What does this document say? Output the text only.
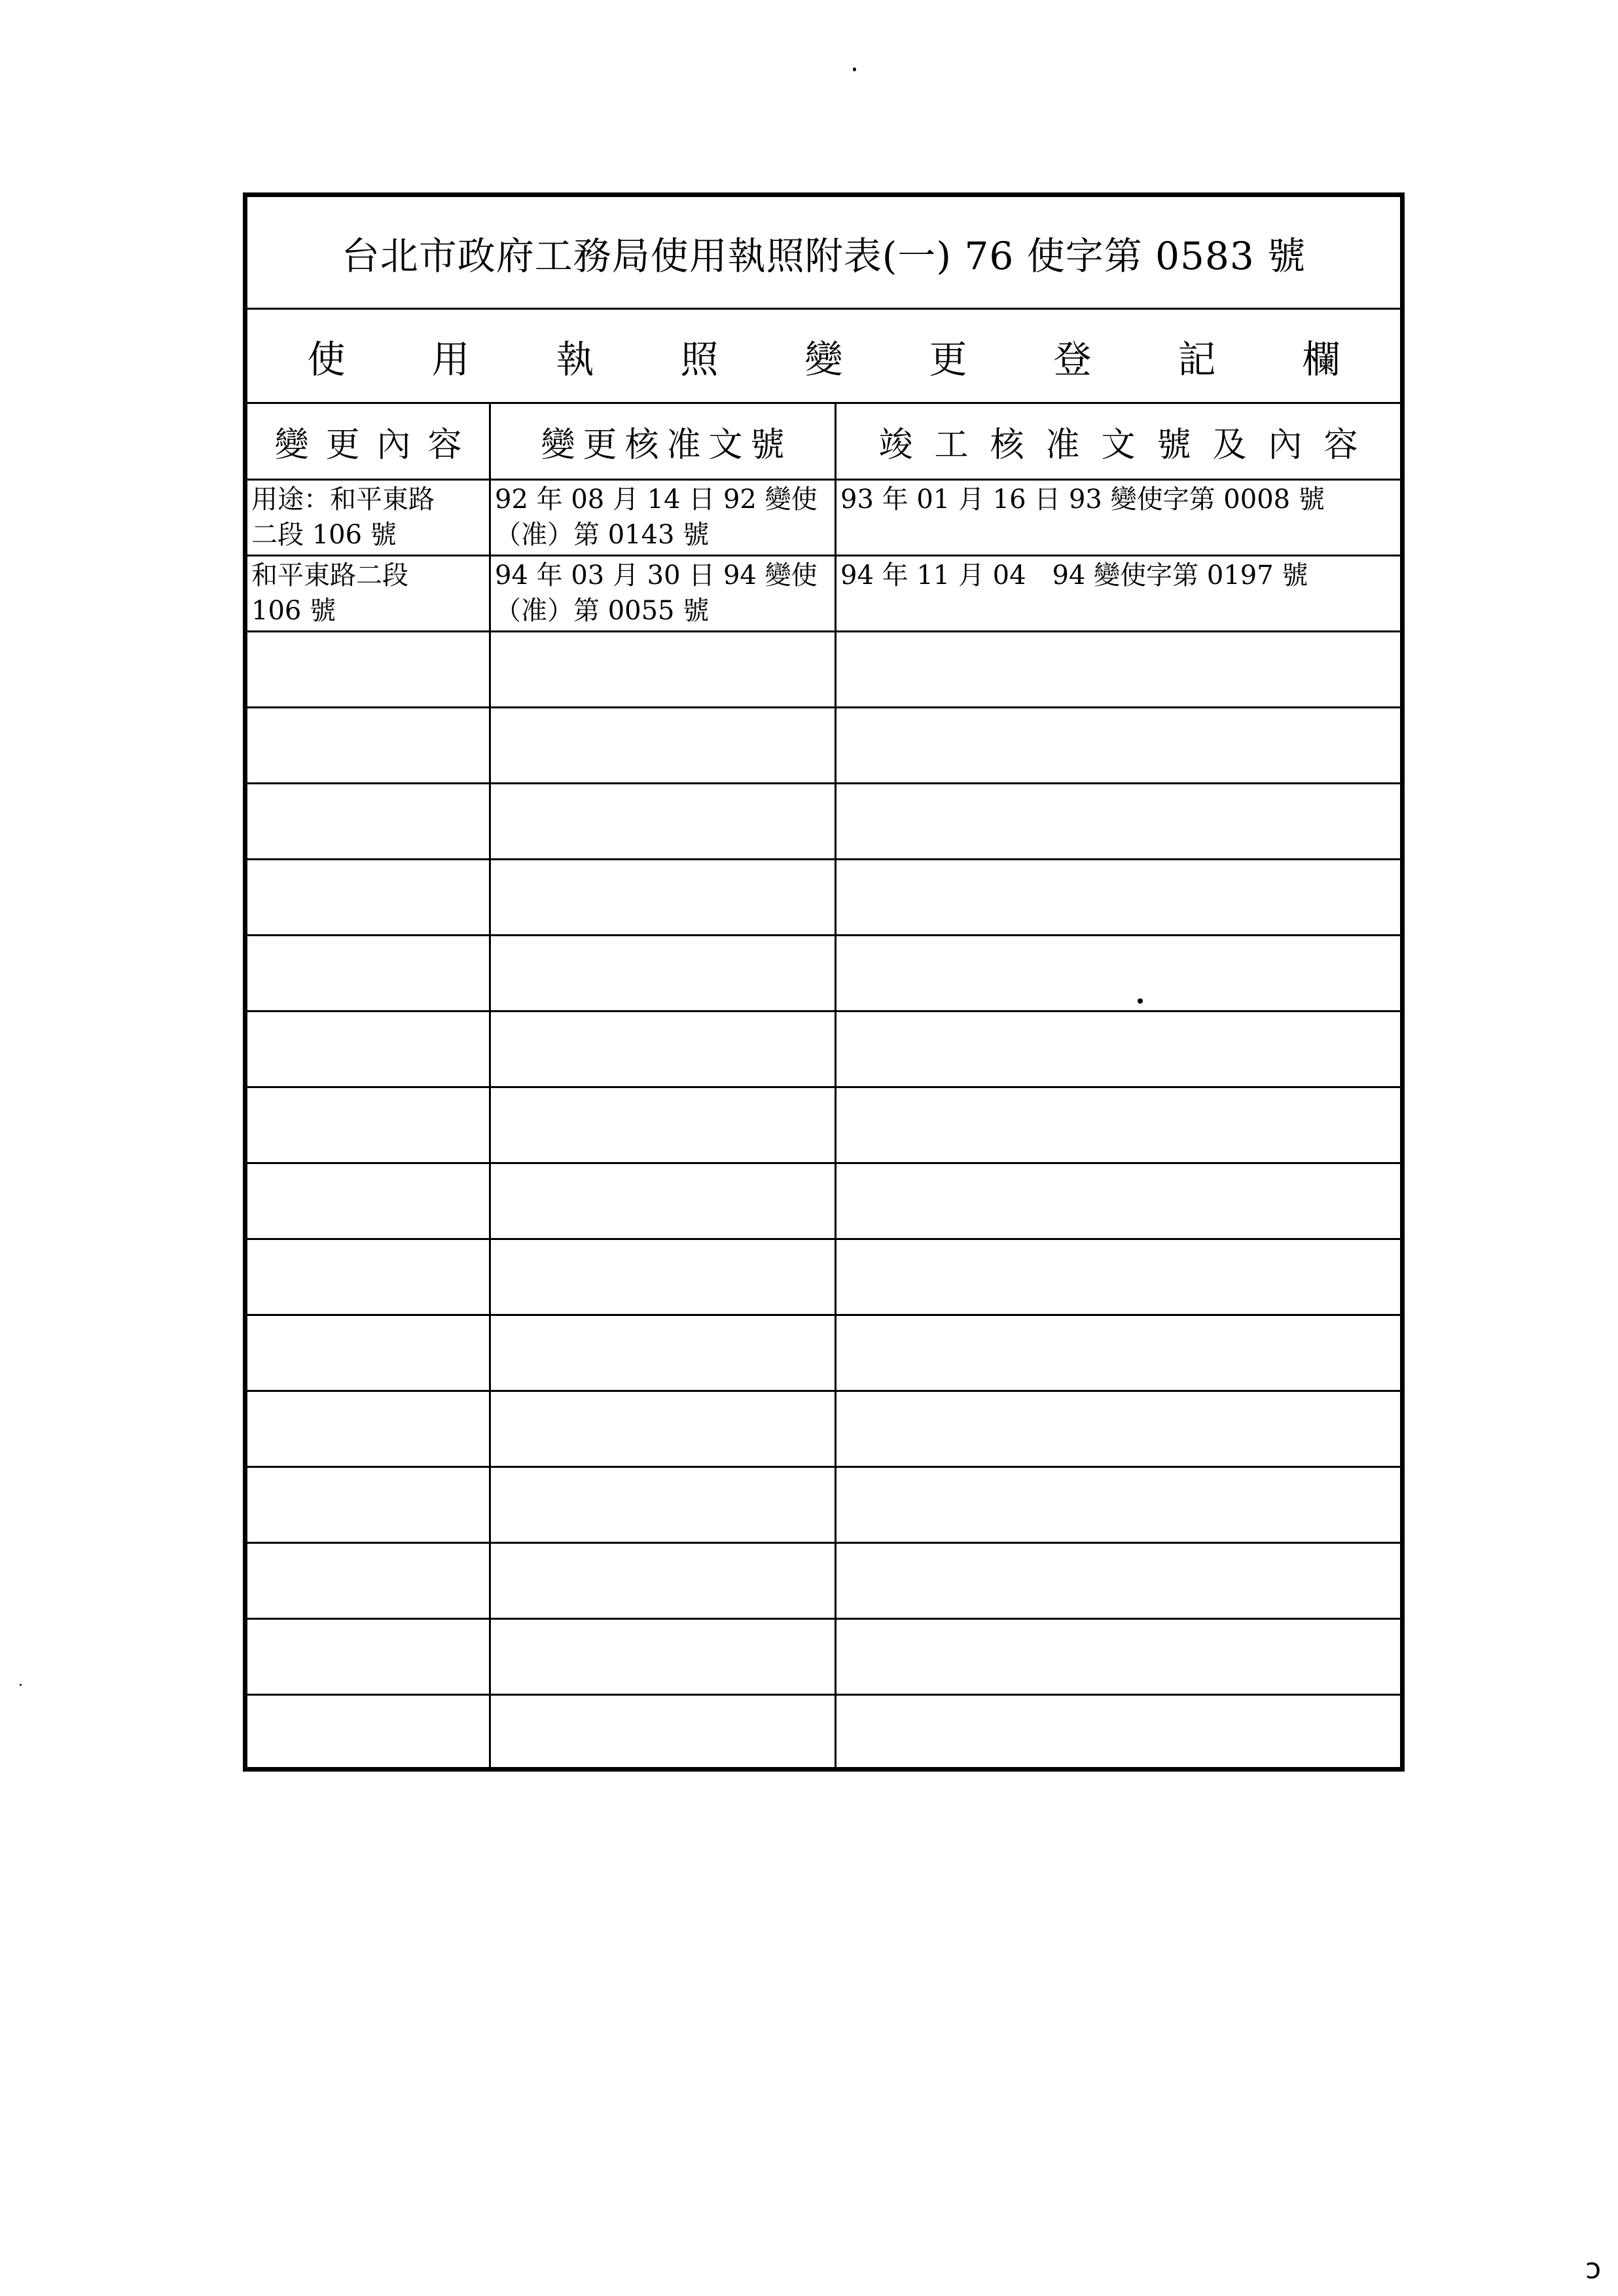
台北市政府工務局使用執照附表(一) 76 使字第 0583 號
使用執照變更登記欄
變更內容 變更核准文號	竣工核准文號及內容
用途：和平東路
二段 106 號
92 年 08 月 14 日 92 變使
（准）第 0143 號
93 年 01 月 16 日 93 變使字第 0008 號
和平東路二段
106 號
94 年 03 月 30 日 94 變使
（准）第 0055 號
94 年 11 月 04　94 變使字第 0197 號
ↄ
